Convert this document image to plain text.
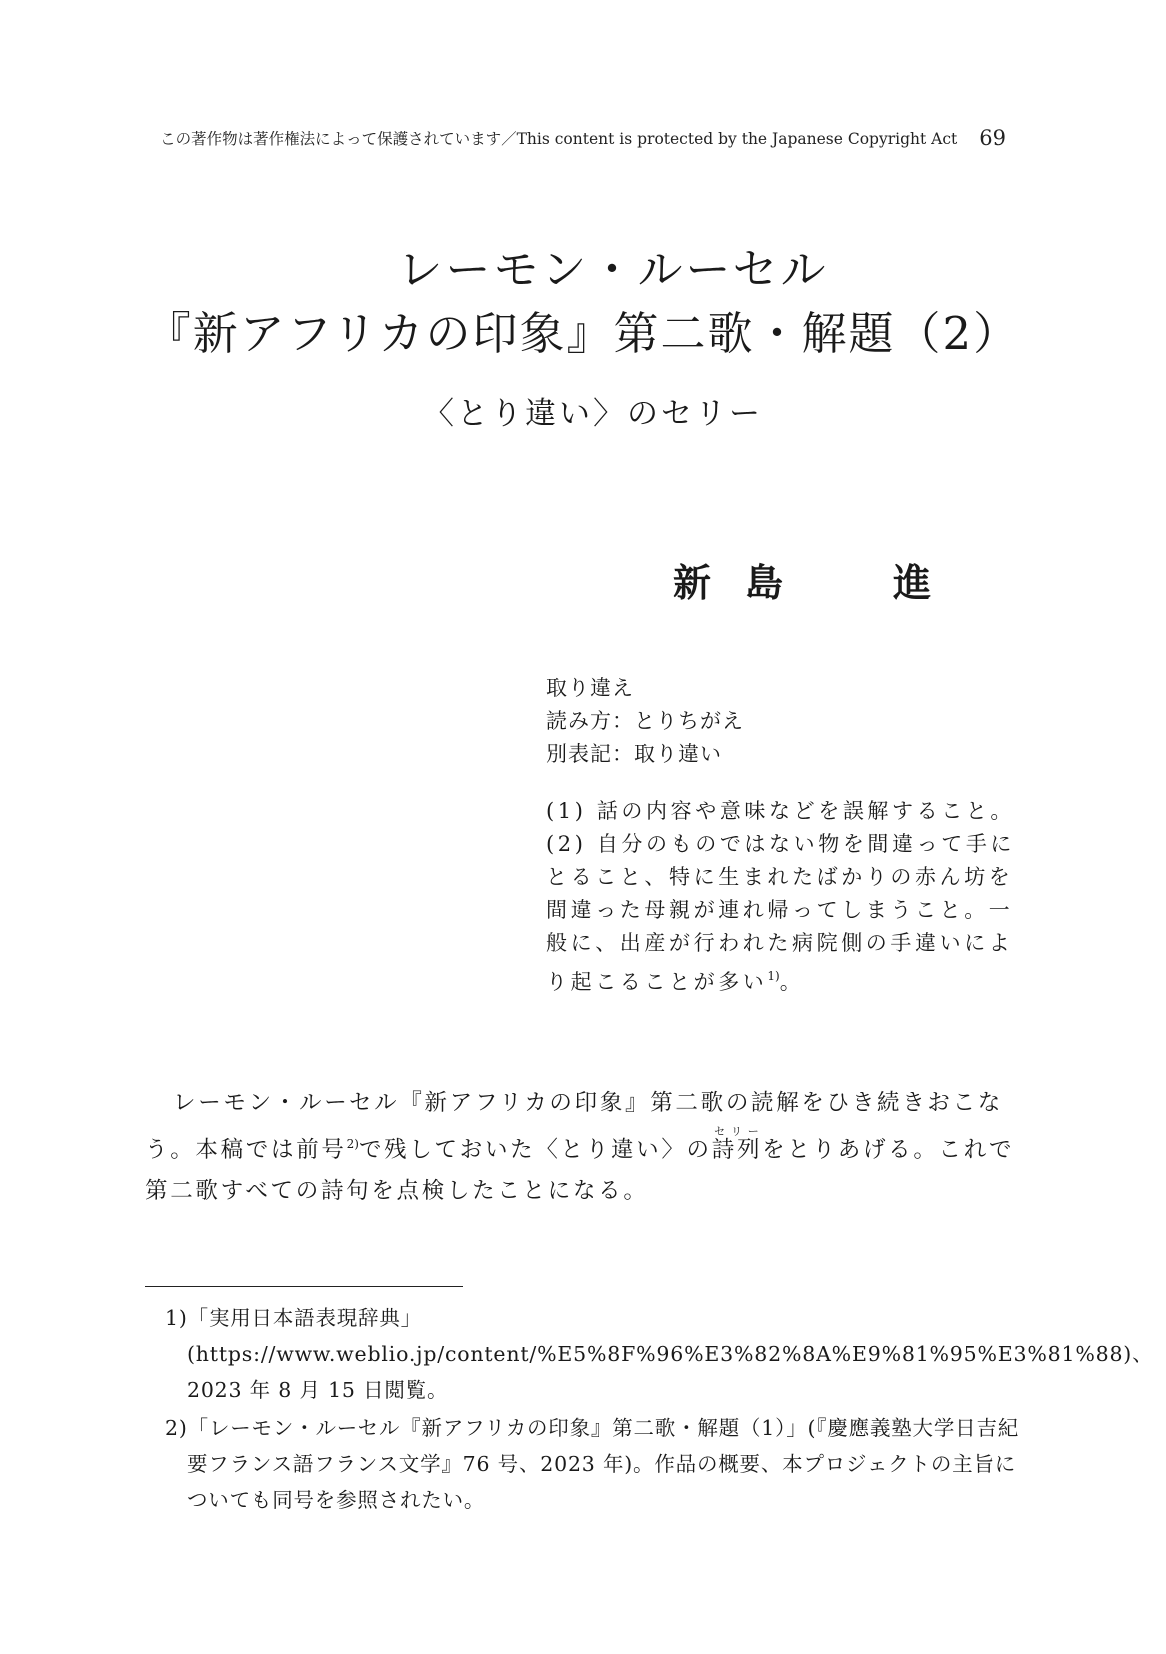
この著作物は著作権法によって保護されています／This content is protected by the Japanese Copyright Act 69
レーモン・ルーセル
『新アフリカの印象』第二歌・解題（2）
〈とり違い〉のセリー
新 島	進
取り違え
読み方：とりちがえ
別表記：取り違い
(1) 話の内容や意味などを誤解すること。
(2) 自分のものではない物を間違って手にとること、特に生まれたばかりの赤ん坊を間違った母親が連れ帰ってしまうこと。一般に、出産が行われた病院側の手違いにより起こることが多い$^{1)}$。

レーモン・ルーセル『新アフリカの印象』第二歌の読解をひき続きおこなう。本稿では前号$^{2)}$で残しておいた〈とり違い〉の詩列セリーをとりあげる。これで第二歌すべての詩句を点検したことになる。

1)「実用日本語表現辞典」(https://www.weblio.jp/content/%E5%8F%96%E3%82%8A%E9%81%95%E3%81%88)、2023 年 8 月 15 日閲覧。
2)「レーモン・ルーセル『新アフリカの印象』第二歌・解題（1）」(『慶應義塾大学日吉紀要フランス語フランス文学』76 号、2023 年)。作品の概要、本プロジェクトの主旨についても同号を参照されたい。
